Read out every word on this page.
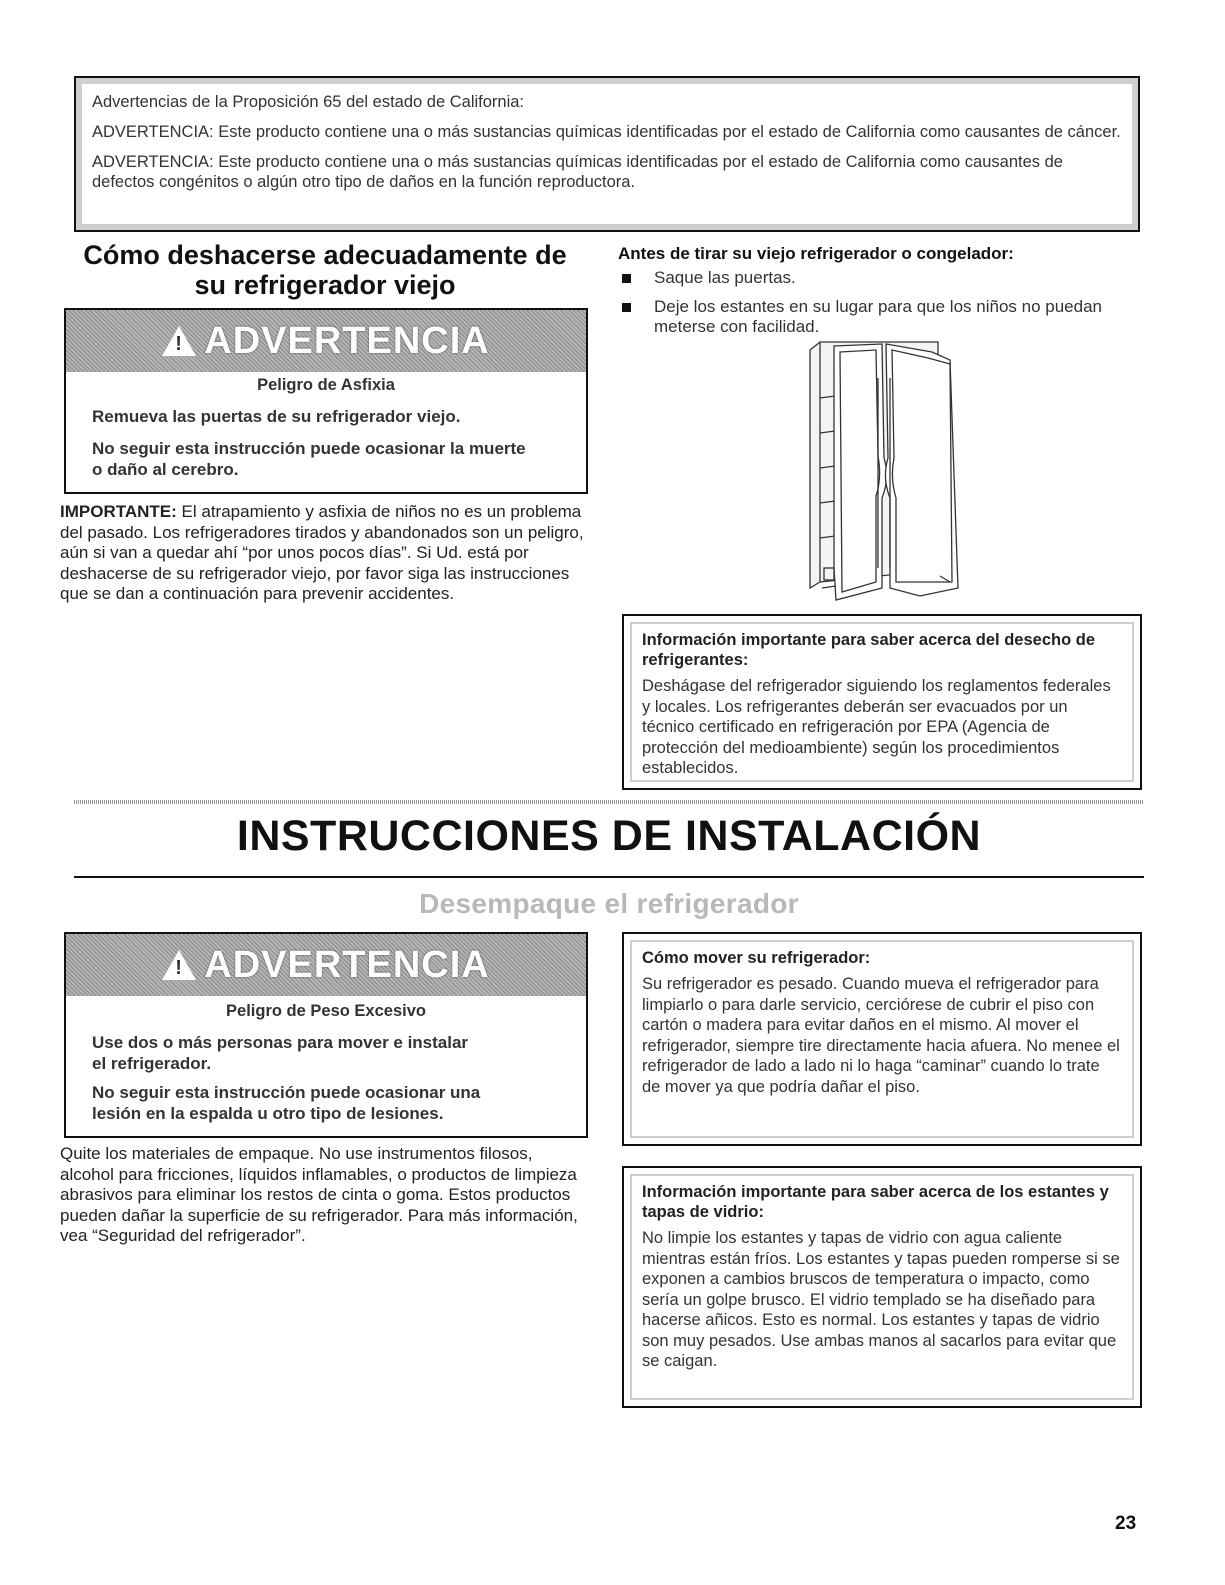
Advertencias de la Proposición 65 del estado de California:

ADVERTENCIA: Este producto contiene una o más sustancias químicas identificadas por el estado de California como causantes de cáncer.

ADVERTENCIA: Este producto contiene una o más sustancias químicas identificadas por el estado de California como causantes de defectos congénitos o algún otro tipo de daños en la función reproductora.

Cómo deshacerse adecuadamente de
su refrigerador viejo
! ADVERTENCIA
Peligro de Asfixia
Remueva las puertas de su refrigerador viejo.
No seguir esta instrucción puede ocasionar la muerte
o daño al cerebro.
IMPORTANTE: El atrapamiento y asfixia de niños no es un problema del pasado. Los refrigeradores tirados y abandonados son un peligro, aún si van a quedar ahí “por unos pocos días”. Si Ud. está por deshacerse de su refrigerador viejo, por favor siga las instrucciones que se dan a continuación para prevenir accidentes.
Antes de tirar su viejo refrigerador o congelador:
Saque las puertas.
Deje los estantes en su lugar para que los niños no puedan meterse con facilidad.
Información importante para saber acerca del desecho de refrigerantes:
Deshágase del refrigerador siguiendo los reglamentos federales y locales. Los refrigerantes deberán ser evacuados por un técnico certificado en refrigeración por EPA (Agencia de protección del medioambiente) según los procedimientos establecidos.
INSTRUCCIONES DE INSTALACIÓN
Desempaque el refrigerador
! ADVERTENCIA
Peligro de Peso Excesivo
Use dos o más personas para mover e instalar
el refrigerador.
No seguir esta instrucción puede ocasionar una
lesión en la espalda u otro tipo de lesiones.
Quite los materiales de empaque. No use instrumentos filosos, alcohol para fricciones, líquidos inflamables, o productos de limpieza abrasivos para eliminar los restos de cinta o goma. Estos productos pueden dañar la superficie de su refrigerador. Para más información, vea “Seguridad del refrigerador”.
Cómo mover su refrigerador:
Su refrigerador es pesado. Cuando mueva el refrigerador para limpiarlo o para darle servicio, cerciórese de cubrir el piso con cartón o madera para evitar daños en el mismo. Al mover el refrigerador, siempre tire directamente hacia afuera. No menee el refrigerador de lado a lado ni lo haga “caminar” cuando lo trate de mover ya que podría dañar el piso.
Información importante para saber acerca de los estantes y tapas de vidrio:
No limpie los estantes y tapas de vidrio con agua caliente mientras están fríos. Los estantes y tapas pueden romperse si se exponen a cambios bruscos de temperatura o impacto, como sería un golpe brusco. El vidrio templado se ha diseñado para hacerse añicos. Esto es normal. Los estantes y tapas de vidrio son muy pesados. Use ambas manos al sacarlos para evitar que se caigan.
23
